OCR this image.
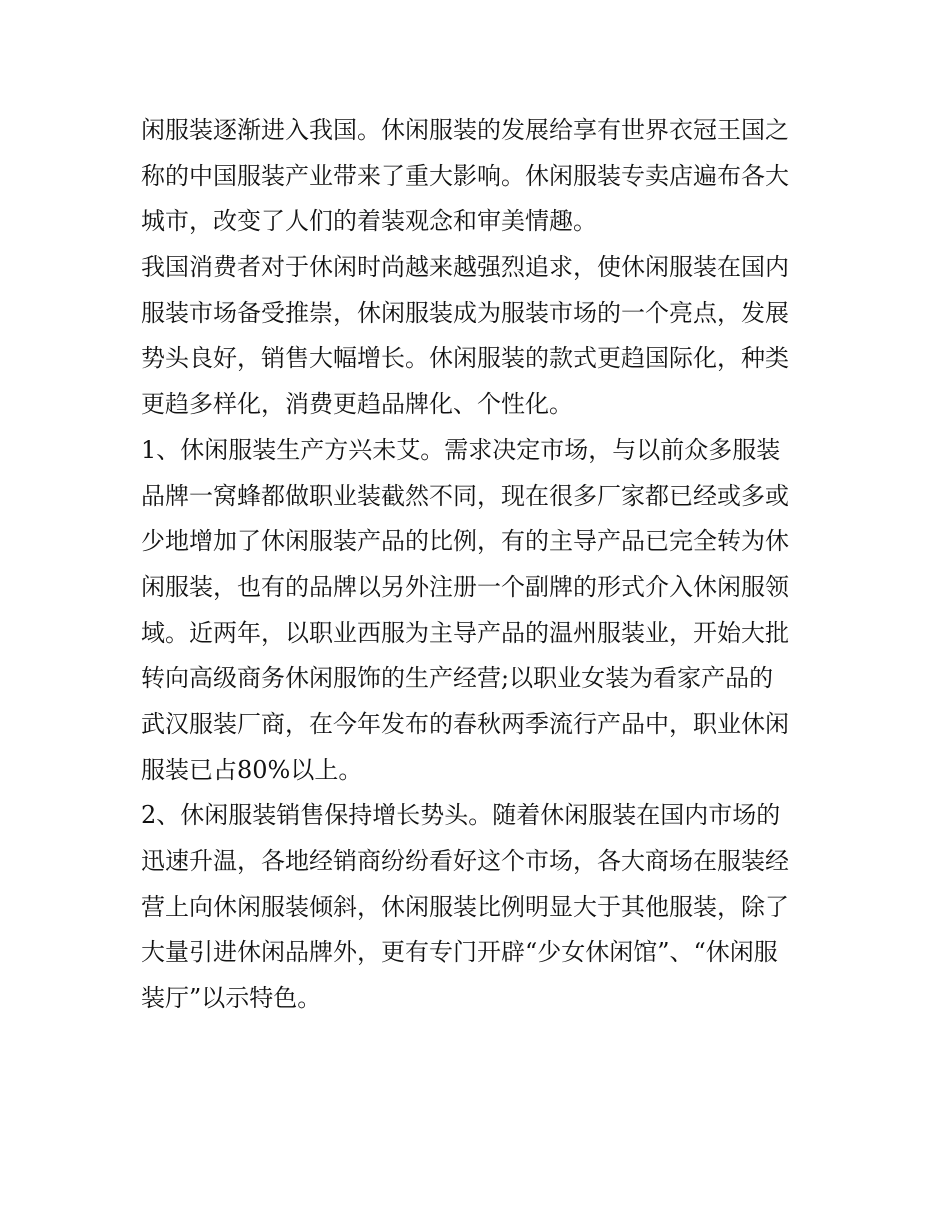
闲服装逐渐进入我国。休闲服装的发展给享有世界衣冠王国之
称的中国服装产业带来了重大影响。休闲服装专卖店遍布各大
城市，改变了人们的着装观念和审美情趣。
我国消费者对于休闲时尚越来越强烈追求，使休闲服装在国内
服装市场备受推崇，休闲服装成为服装市场的一个亮点，发展
势头良好，销售大幅增长。休闲服装的款式更趋国际化，种类
更趋多样化，消费更趋品牌化、个性化。
1、休闲服装生产方兴未艾。需求决定市场，与以前众多服装
品牌一窝蜂都做职业装截然不同，现在很多厂家都已经或多或
少地增加了休闲服装产品的比例，有的主导产品已完全转为休
闲服装，也有的品牌以另外注册一个副牌的形式介入休闲服领
域。近两年，以职业西服为主导产品的温州服装业，开始大批
转向高级商务休闲服饰的生产经营;以职业女装为看家产品的
武汉服装厂商，在今年发布的春秋两季流行产品中，职业休闲
服装已占80%以上。
2、休闲服装销售保持增长势头。随着休闲服装在国内市场的
迅速升温，各地经销商纷纷看好这个市场，各大商场在服装经
营上向休闲服装倾斜，休闲服装比例明显大于其他服装，除了
大量引进休闲品牌外，更有专门开辟“少女休闲馆”、“休闲服
装厅”以示特色。
